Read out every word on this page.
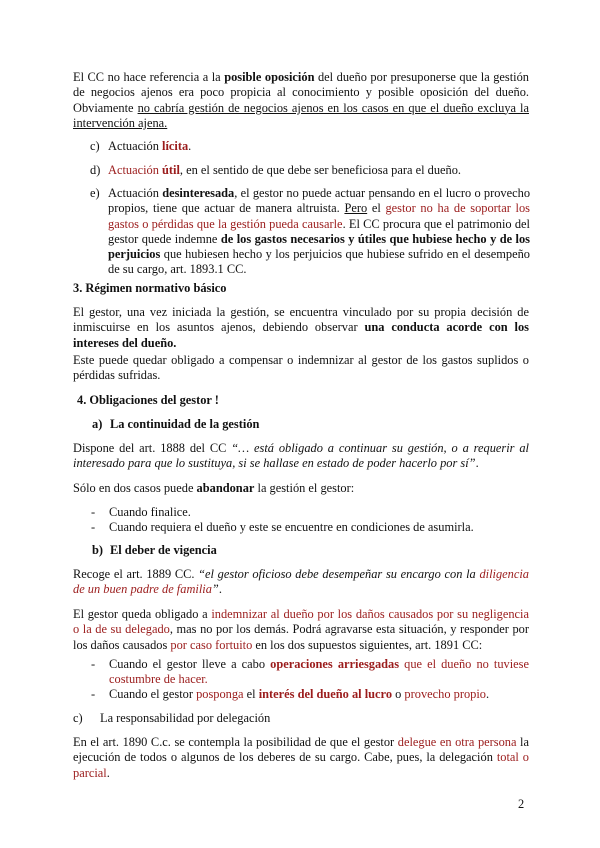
El CC no hace referencia a la posible oposición del dueño por presuponerse que la gestión de negocios ajenos era poco propicia al conocimiento y posible oposición del dueño. Obviamente no cabría gestión de negocios ajenos en los casos en que el dueño excluya la intervención ajena.

c) Actuación lícita.
d) Actuación útil, en el sentido de que debe ser beneficiosa para el dueño.
e) Actuación desinteresada, el gestor no puede actuar pensando en el lucro o provecho propios, tiene que actuar de manera altruista. Pero el gestor no ha de soportar los gastos o pérdidas que la gestión pueda causarle. El CC procura que el patrimonio del gestor quede indemne de los gastos necesarios y útiles que hubiese hecho y de los perjuicios que hubiesen hecho y los perjuicios que hubiese sufrido en el desempeño de su cargo, art. 1893.1 CC.

3. Régimen normativo básico

El gestor, una vez iniciada la gestión, se encuentra vinculado por su propia decisión de inmiscuirse en los asuntos ajenos, debiendo observar una conducta acorde con los intereses del dueño.

Este puede quedar obligado a compensar o indemnizar al gestor de los gastos suplidos o pérdidas sufridas.

4. Obligaciones del gestor !

a) La continuidad de la gestión

Dispone del art. 1888 del CC “… está obligado a continuar su gestión, o a requerir al interesado para que lo sustituya, si se hallase en estado de poder hacerlo por sí”.

Sólo en dos casos puede abandonar la gestión el gestor:

- Cuando finalice.
- Cuando requiera el dueño y este se encuentre en condiciones de asumirla.
b) El deber de vigencia

Recoge el art. 1889 CC. “el gestor oficioso debe desempeñar su encargo con la diligencia de un buen padre de familia”.

El gestor queda obligado a indemnizar al dueño por los daños causados por su negligencia o la de su delegado, mas no por los demás. Podrá agravarse esta situación, y responder por los daños causados por caso fortuito en los dos supuestos siguientes, art. 1891 CC:

- Cuando el gestor lleve a cabo operaciones arriesgadas que el dueño no tuviese costumbre de hacer.
- Cuando el gestor posponga el interés del dueño al lucro o provecho propio.
c) La responsabilidad por delegación

En el art. 1890 C.c. se contempla la posibilidad de que el gestor delegue en otra persona la ejecución de todos o algunos de los deberes de su cargo. Cabe, pues, la delegación total o parcial.

2
